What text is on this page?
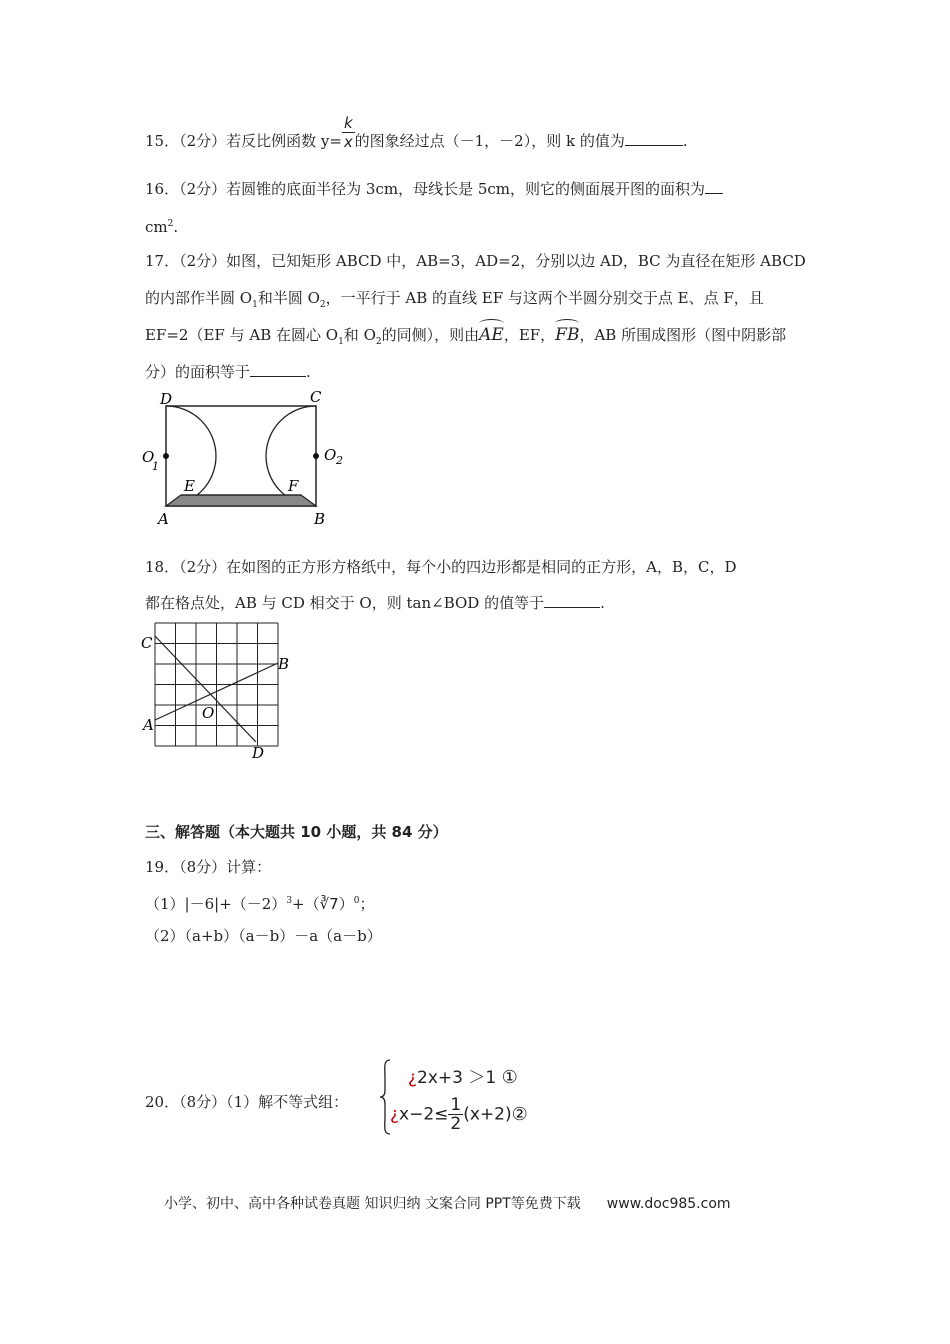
15．（2分）若反比例函数 $y= \frac{k}{x}$ 的图象经过点（－1，－2），则 k 的值为	.
16．（2分）若圆锥的底面半径为 3cm，母线长是 5cm，则它的侧面展开图的面积为
$cm^2$.
17．（2分）如图，已知矩形 ABCD 中，AB=3，AD=2，分别以边 AD，BC 为直径在矩形 ABCD
的内部作半圆 $O_1$和半圆 $O_2$，一平行于 AB 的直线 EF 与这两个半圆分别交于点 E、点 F，且
EF=2（EF 与 AB 在圆心 $O_1$和 $O_2$的同侧），则由AE，EF，FB，AB 所围成图形（图中阴影部
分）的面积等于	.
D	C
O
1
O 2
E	F
A	B
18．（2分）在如图的正方形方格纸中，每个小的四边形都是相同的正方形，A，B，C，D
都在格点处，AB 与 CD 相交于 O，则 tan∠BOD 的值等于	.
C
B
O
A
D
三、解答题（本大题共 10 小题，共 84 分）
19．（8分）计算：
$(1)|-6|+(-2)^3+(∛7)^0$；
（2）（a+b）（a－b）－a（a－b）
20．（8分）（1）解不等式组：
¿2x+3 ＞1 ①
¿$x-2\le \frac{1}{2}$ (x+2)②
小学、初中、高中各种试卷真题 知识归纳 文案合同 PPT等免费下载 www.doc985.com
